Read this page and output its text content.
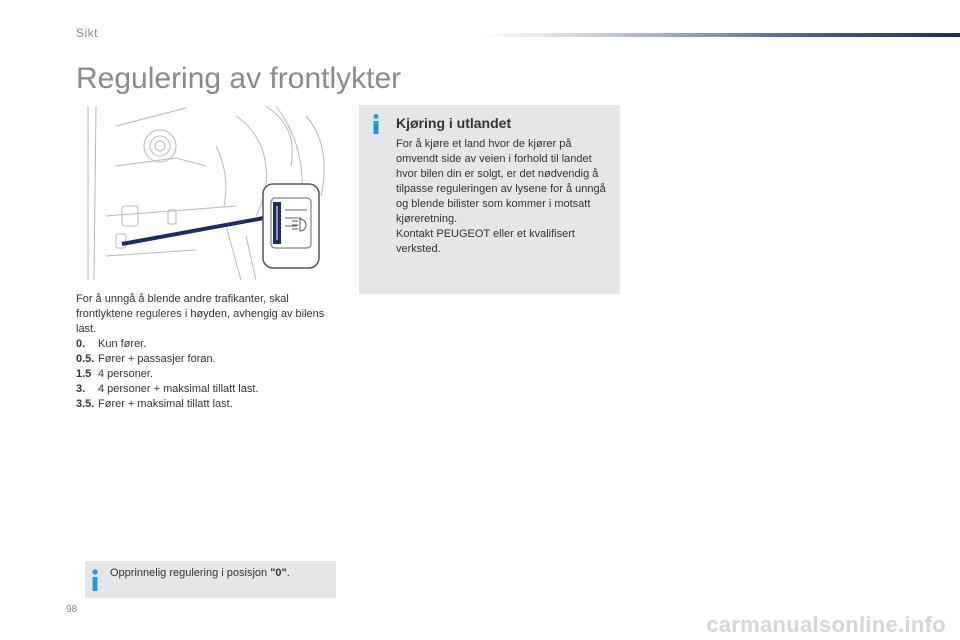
Sikt
Regulering av frontlykter

For å unngå å blende andre trafikanter, skal frontlyktene reguleres i høyden, avhengig av bilens last.

0.	Kun fører.
0.5. Fører + passasjer foran.
1.5 4 personer.
3.	4 personer + maksimal tillatt last.
3.5. Fører + maksimal tillatt last.
Kjøring i utlandet

For å kjøre et land hvor de kjører på omvendt side av veien i forhold til landet hvor bilen din er solgt, er det nødvendig å tilpasse reguleringen av lysene for å unngå og blende bilister som kommer i motsatt kjøreretning.

Kontakt PEUGEOT eller et kvalifisert verksted.

Opprinnelig regulering i posisjon "0".
98
carmanualsonline.info
